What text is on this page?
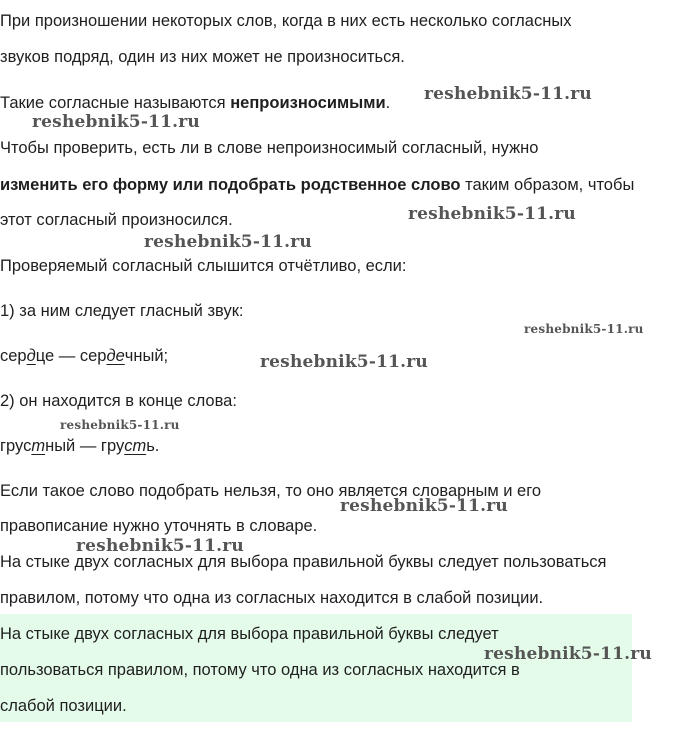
При произношении некоторых слов, когда в них есть несколько согласных
звуков подряд, один из них может не произноситься.
Такие согласные называются непроизносимыми.
Чтобы проверить, есть ли в слове непроизносимый согласный, нужно
изменить его форму или подобрать родственное слово таким образом, чтобы
этот согласный произносился.
Проверяемый согласный слышится отчётливо, если:
1) за ним следует гласный звук:
сердце — сердечный;
2) он находится в конце слова:
грустный — грусть.
Если такое слово подобрать нельзя, то оно является словарным и его
правописание нужно уточнять в словаре.
На стыке двух согласных для выбора правильной буквы следует пользоваться
правилом, потому что одна из согласных находится в слабой позиции.
На стыке двух согласных для выбора правильной буквы следует
пользоваться правилом, потому что одна из согласных находится в
слабой позиции.
reshebnik5-11.ru
reshebnik5-11.ru
reshebnik5-11.ru
reshebnik5-11.ru
reshebnik5-11.ru
reshebnik5-11.ru
reshebnik5-11.ru
reshebnik5-11.ru
reshebnik5-11.ru
reshebnik5-11.ru
